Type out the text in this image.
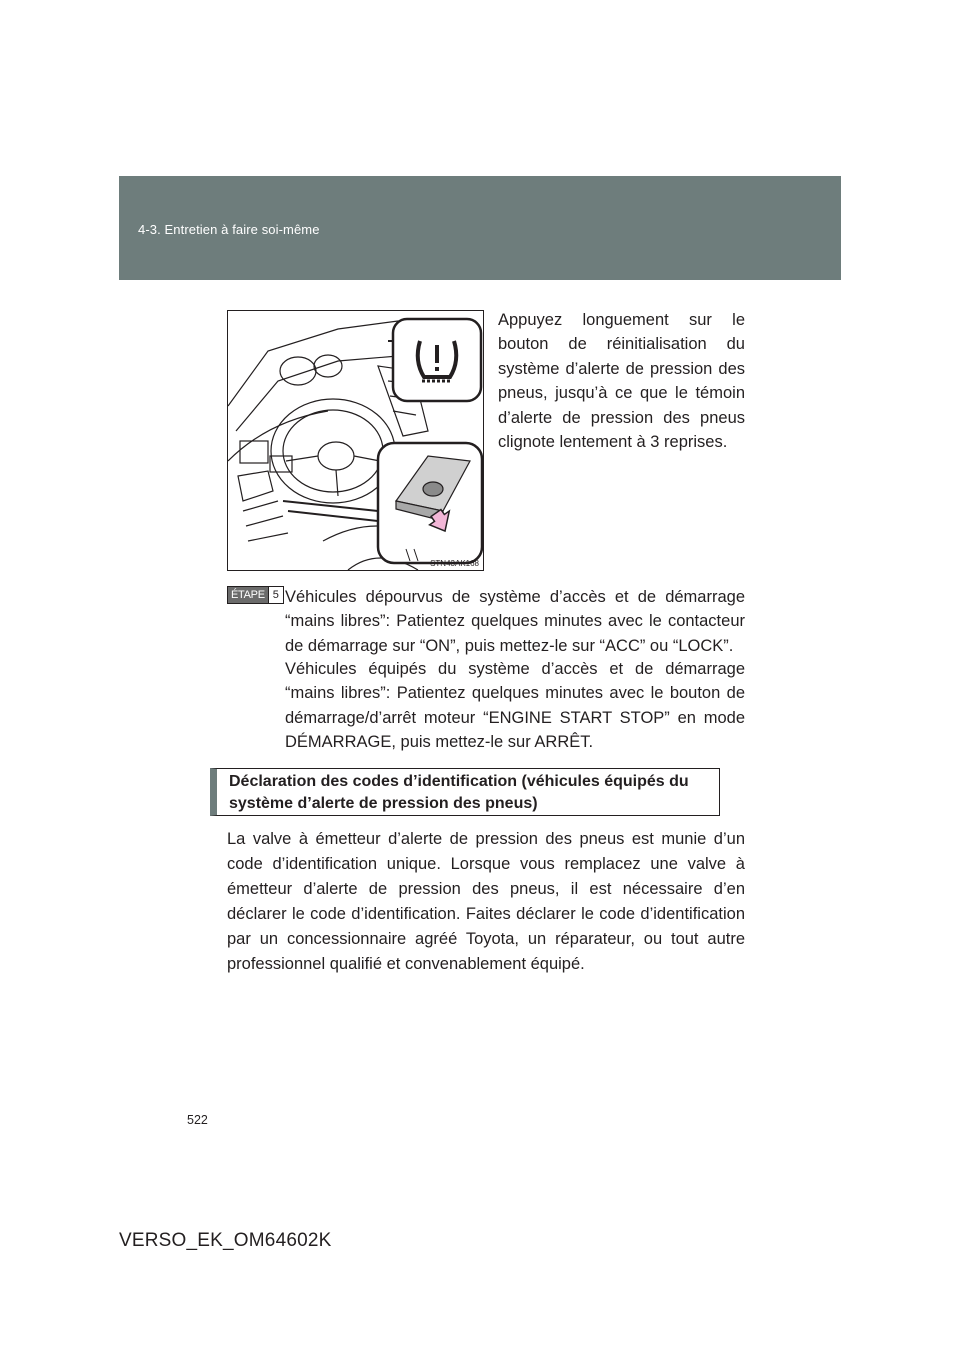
4-3. Entretien à faire soi-même
STN43AK168

Appuyez longuement sur le bouton de réinitialisation du système d’alerte de pression des pneus, jusqu’à ce que le témoin d’alerte de pression des pneus clignote lentement à 3 reprises.

ÉTAPE 5 Véhicules dépourvus de système d’accès et de démarrage “mains libres”: Patientez quelques minutes avec le contacteur de démarrage sur “ON”, puis mettez-le sur “ACC” ou “LOCK”.

Véhicules équipés du système d’accès et de démarrage “mains libres”: Patientez quelques minutes avec le bouton de démarrage/d’arrêt moteur “ENGINE START STOP” en mode DÉMARRAGE, puis mettez-le sur ARRÊT.

Déclaration des codes d’identification (véhicules équipés du
système d’alerte de pression des pneus)

La valve à émetteur d’alerte de pression des pneus est munie d’un code d’identification unique. Lorsque vous remplacez une valve à émetteur d’alerte de pression des pneus, il est nécessaire d’en déclarer le code d’identification. Faites déclarer le code d’identification par un concessionnaire agréé Toyota, un réparateur, ou tout autre professionnel qualifié et convenablement équipé.

522
VERSO_EK_OM64602K
